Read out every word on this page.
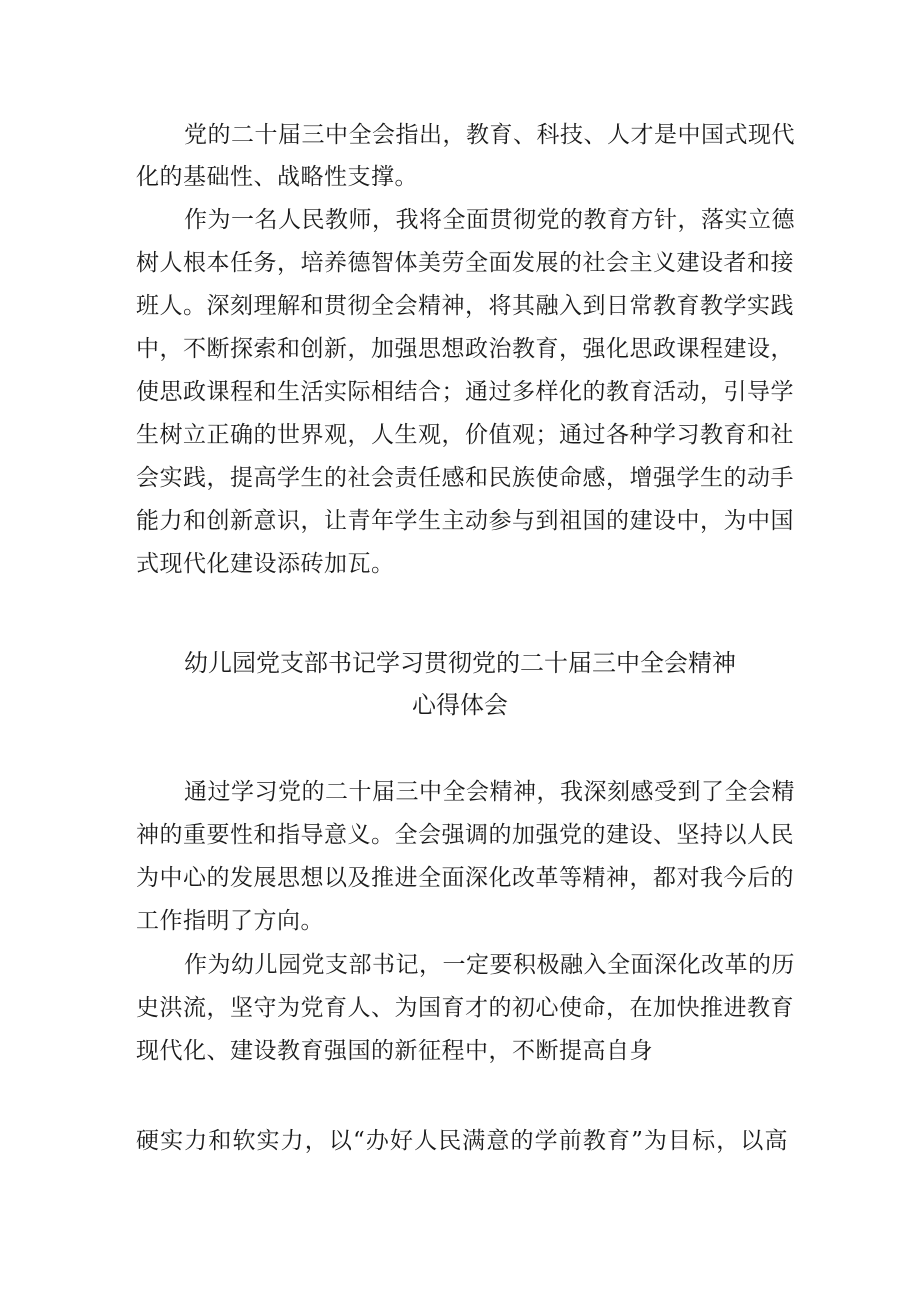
党的二十届三中全会指出，教育、科技、人才是中国式现代
化的基础性、战略性支撑。
作为一名人民教师，我将全面贯彻党的教育方针，落实立德
树人根本任务，培养德智体美劳全面发展的社会主义建设者和接
班人。深刻理解和贯彻全会精神，将其融入到日常教育教学实践
中，不断探索和创新，加强思想政治教育，强化思政课程建设，
使思政课程和生活实际相结合；通过多样化的教育活动，引导学
生树立正确的世界观，人生观，价值观；通过各种学习教育和社
会实践，提高学生的社会责任感和民族使命感，增强学生的动手
能力和创新意识，让青年学生主动参与到祖国的建设中，为中国
式现代化建设添砖加瓦。
幼儿园党支部书记学习贯彻党的二十届三中全会精神
心得体会
通过学习党的二十届三中全会精神，我深刻感受到了全会精
神的重要性和指导意义。全会强调的加强党的建设、坚持以人民
为中心的发展思想以及推进全面深化改革等精神，都对我今后的
工作指明了方向。
作为幼儿园党支部书记，一定要积极融入全面深化改革的历
史洪流，坚守为党育人、为国育才的初心使命，在加快推进教育
现代化、建设教育强国的新征程中，不断提高自身
硬实力和软实力，以“办好人民满意的学前教育”为目标，以高
